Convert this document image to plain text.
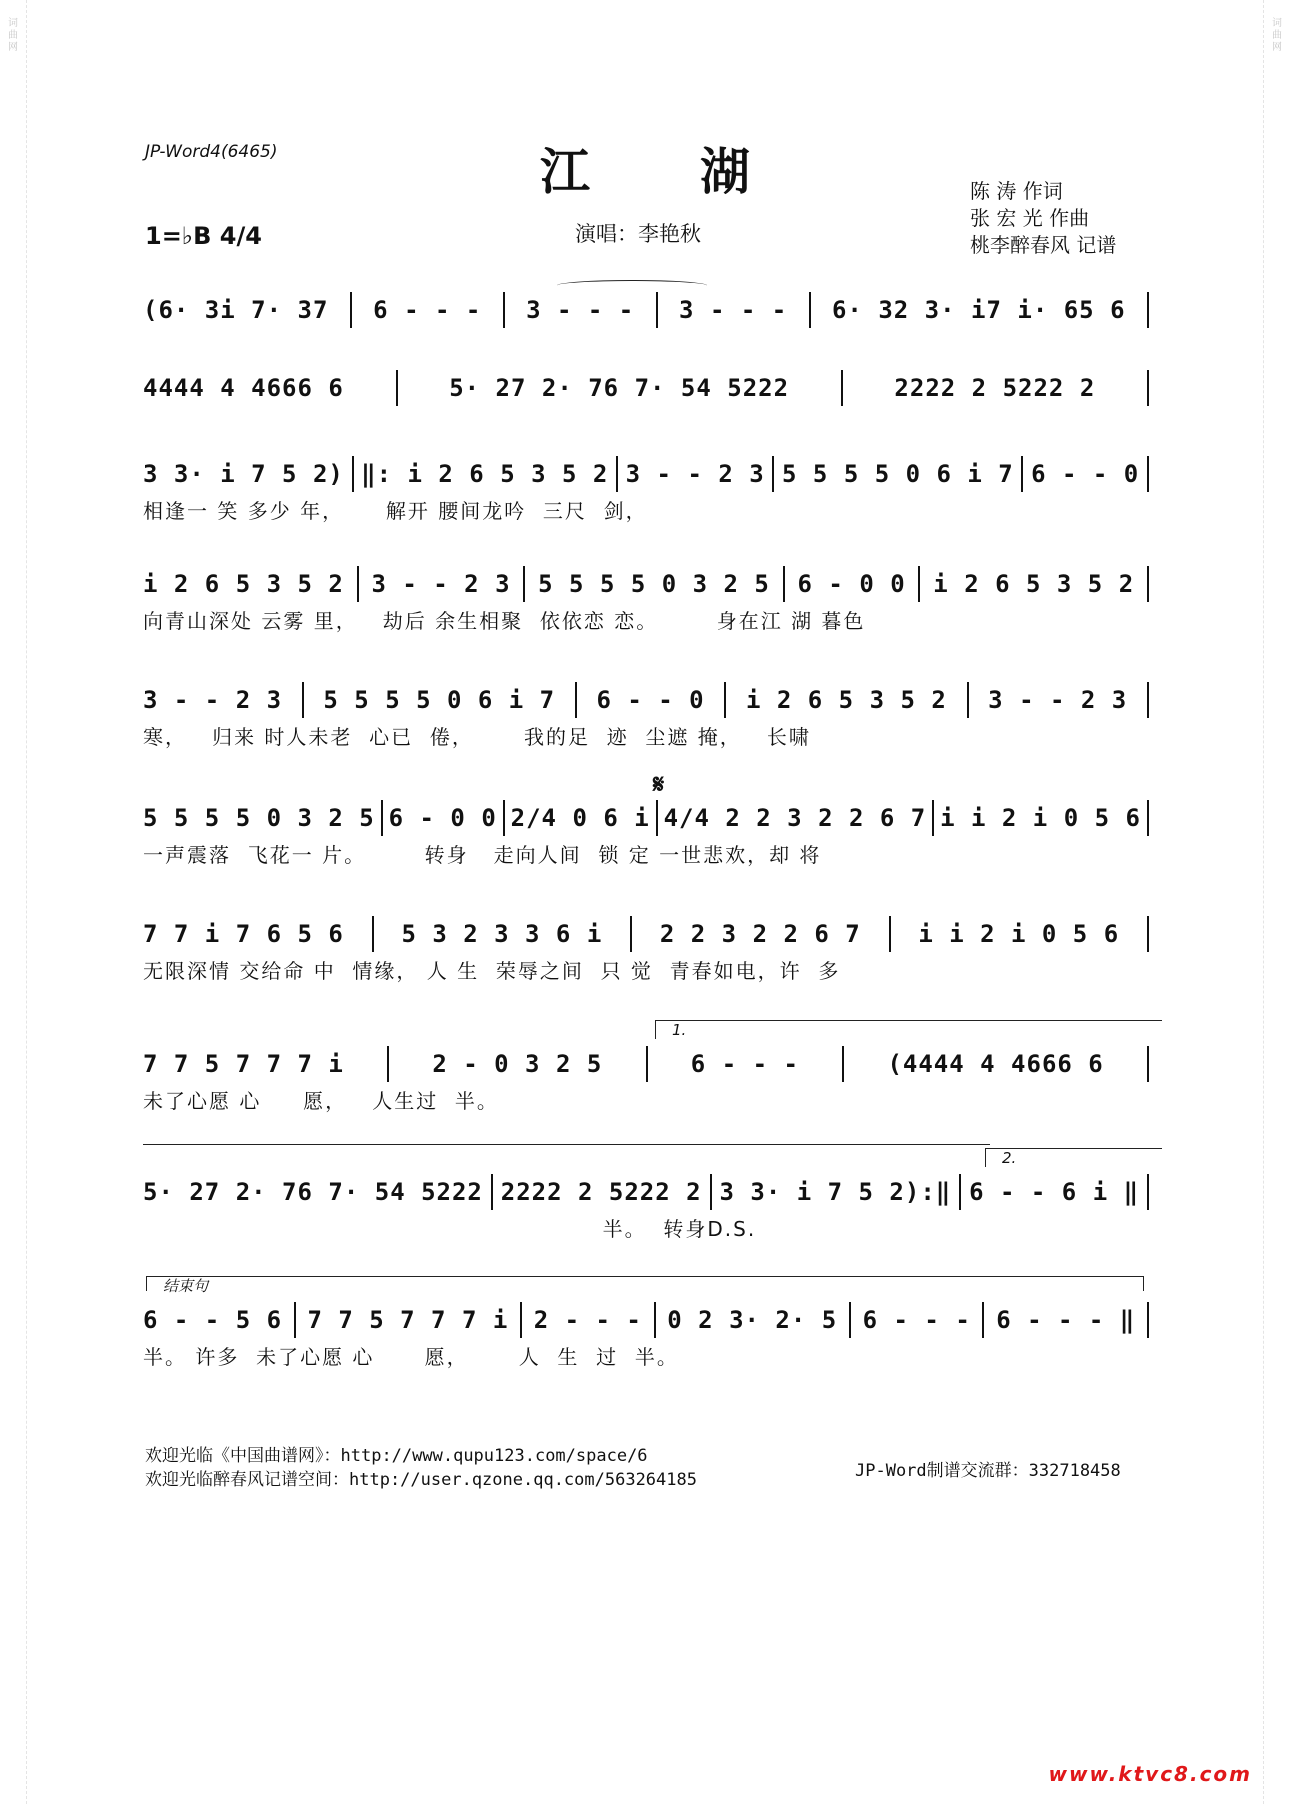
词曲网
词曲网
JP-Word4(6465)	江湖
1=♭B 4/4	演唱：李艳秋
陈 涛 作词
张 宏 光 作曲
桃李醉春风 记谱
(6· 3i 7· 37 6 - - - 3 - - - 3 - - - 6· 32 3· i7 i· 65 6
4444 4 4666 6	5· 27 2· 76 7· 54 5222	2222 2 5222 2
3 3· i 7 5 2) ‖: i 2 6 5 3 5 2 3 - - 2 3 5 5 5 5 0 6 i 7 6 - - 0
相逢一 笑 多少 年，     解开 腰间龙吟  三尺  剑，
i 2 6 5 3 5 2 3 - - 2 3 5 5 5 5 0 3 2 5 6 - 0 0 i 2 6 5 3 5 2
向青山深处 云雾 里，   劫后 余生相聚  依依恋 恋。       身在江 湖 暮色
3 - - 2 3 5 5 5 5 0 6 i 7 6 - - 0 i 2 6 5 3 5 2 3 - - 2 3
寒，   归来 时人未老  心已  倦，      我的足  迹  尘遮 掩，   长啸
𝄋
5 5 5 5 0 3 2 5 6 - 0 0 2/4 0 6 i 4/4 2 2 3 2 2 6 7 i i 2 i 0 5 6
一声震落  飞花一 片。       转身   走向人间  锁 定 一世悲欢，却 将
7 7 i 7 6 5 6 5 3 2 3 3 6 i 2 2 3 2 2 6 7 i i 2 i 0 5 6
无限深情 交给命 中  情缘， 人 生  荣辱之间  只 觉  青春如电，许  多
1.
7 7 5 7 7 7 i	2 - 0 3 2 5	6 - - -	(4444 4 4666 6
未了心愿 心     愿，   人生过  半。
2.
5· 27 2· 76 7· 54 5222 2222 2 5222 2 3 3· i 7 5 2):‖ 6 - - 6 i ‖
半。  转身D.S.
结束句
6 - - 5 6 7 7 5 7 7 7 i 2 - - - 0 2 3· 2· 5 6 - - - 6 - - - ‖
半。 许多  未了心愿 心      愿，      人  生  过  半。
欢迎光临《中国曲谱网》：http://www.qupu123.com/space/6
欢迎光临醉春风记谱空间：http://user.qzone.qq.com/563264185	JP-Word制谱交流群：332718458
www.ktvc8.com
